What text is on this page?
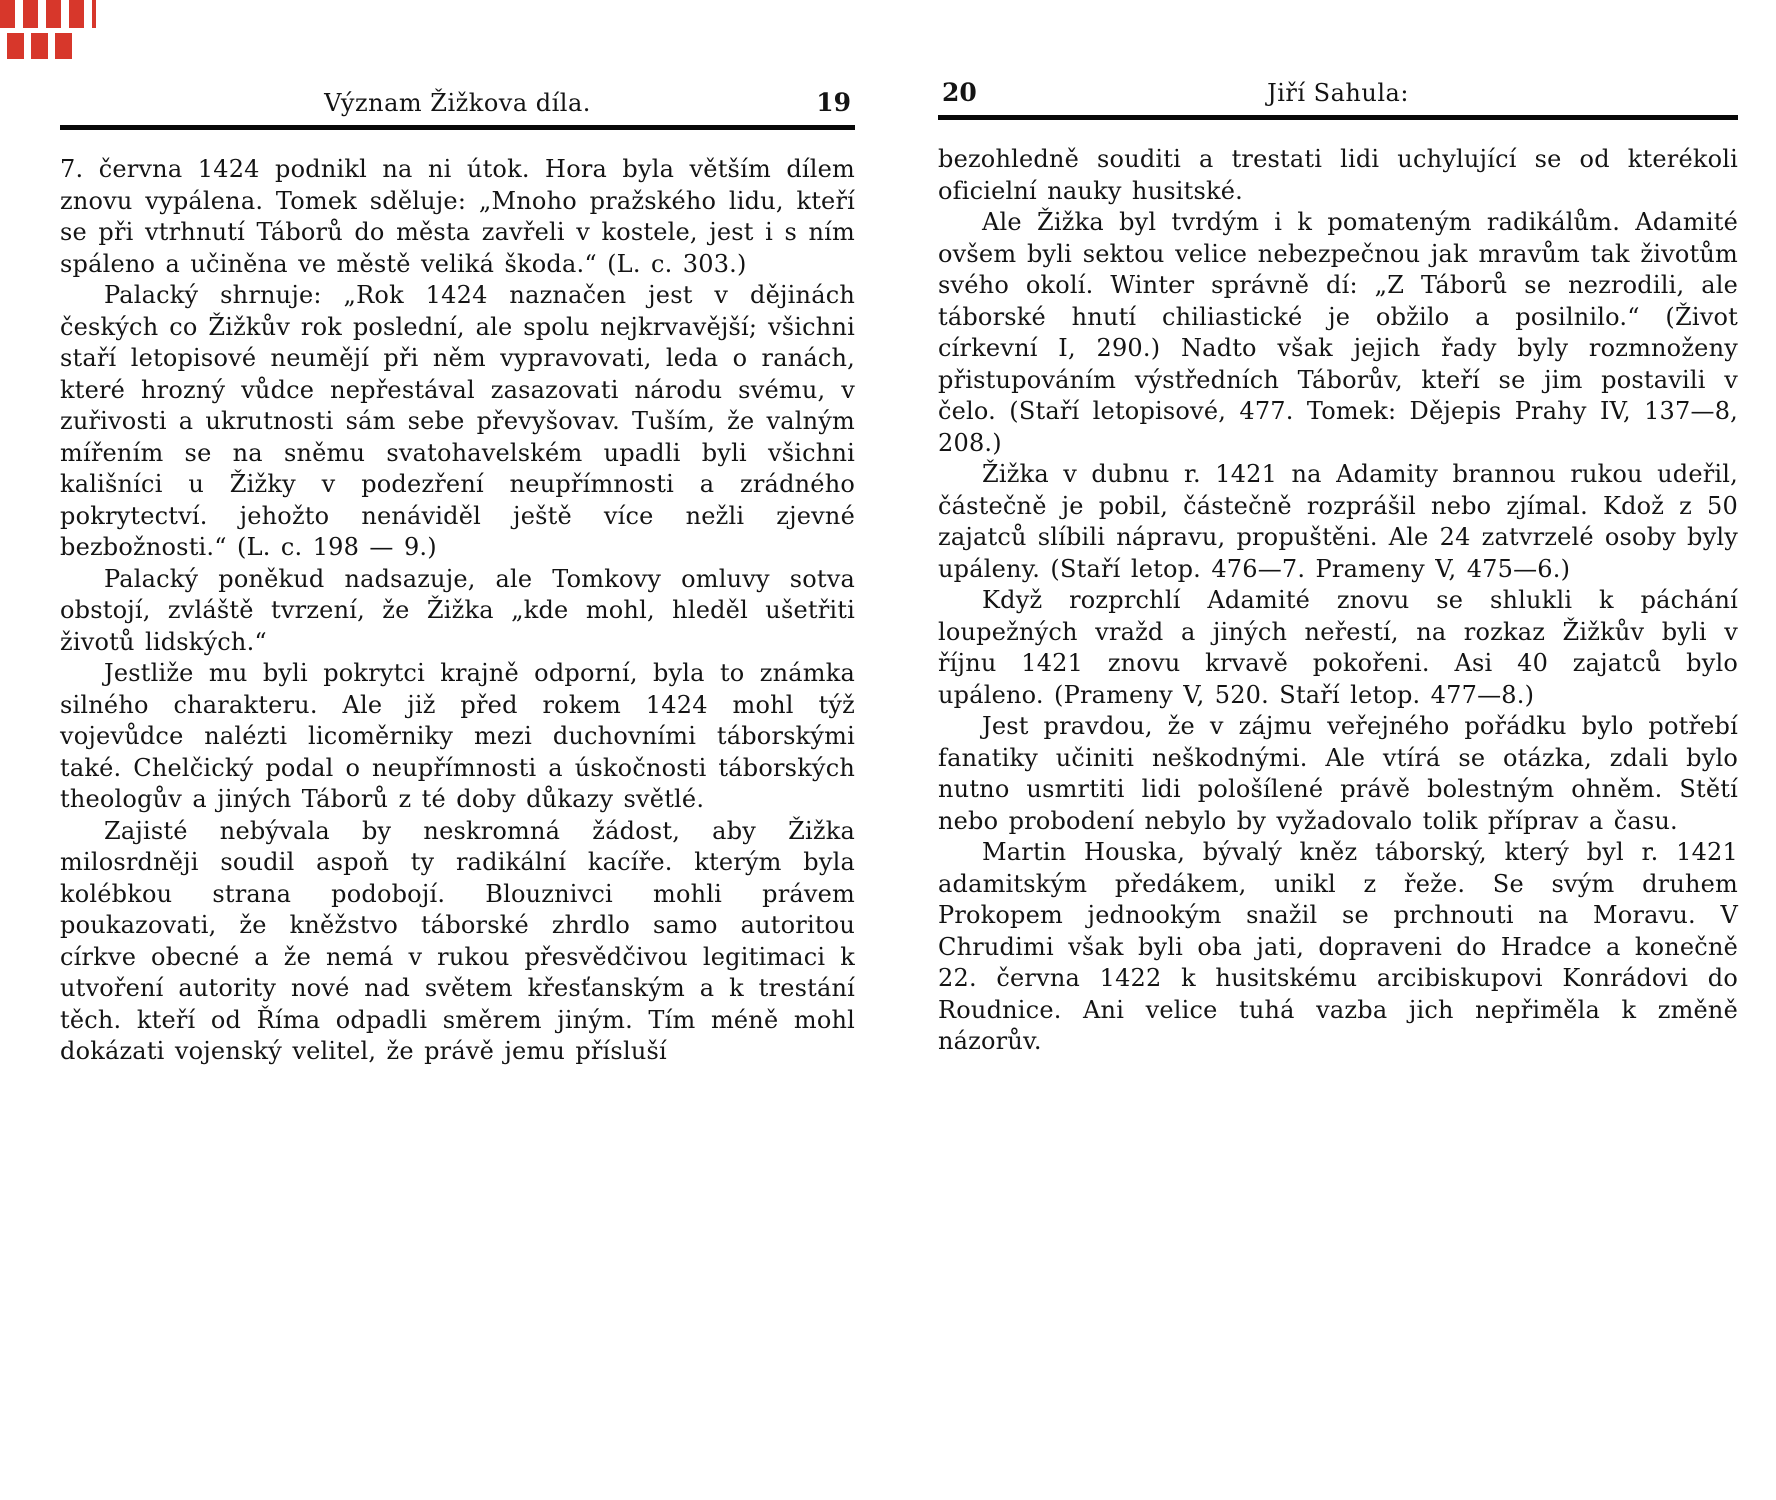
Význam Žižkova díla.	19

7. června 1424 podnikl na ni útok. Hora byla větším dílem znovu vypálena. Tomek sděluje: „Mnoho pražského lidu, kteří se při vtrhnutí Táborů do města zavřeli v kostele, jest i s ním spáleno a učiněna ve městě veliká škoda.“ (L. c. 303.)

Palacký shrnuje: „Rok 1424 naznačen jest v dějinách českých co Žižkův rok poslední, ale spolu nejkrvavější; všichni staří letopisové neumějí při něm vypravovati, leda o ranách, které hrozný vůdce nepřestával zasazovati národu svému, v zuřivosti a ukrutnosti sám sebe převyšovav. Tuším, že valným mířením se na sněmu svatohavelském upadli byli všichni kališníci u Žižky v podezření neupřímnosti a zrádného pokrytectví. jehožto nenáviděl ještě více nežli zjevné bezbožnosti.“ (L. c. 198 — 9.)

Palacký poněkud nadsazuje, ale Tomkovy omluvy sotva obstojí, zvláště tvrzení, že Žižka „kde mohl, hleděl ušetřiti životů lidských.“

Jestliže mu byli pokrytci krajně odporní, byla to známka silného charakteru. Ale již před rokem 1424 mohl týž vojevůdce nalézti licoměrniky mezi duchovními táborskými také. Chelčický podal o neupřímnosti a úskočnosti táborských theologův a jiných Táborů z té doby důkazy světlé.

Zajisté nebývala by neskromná žádost, aby Žižka milosrdněji soudil aspoň ty radikální kacíře. kterým byla kolébkou strana podobojí. Blouznivci mohli právem poukazovati, že kněžstvo táborské zhrdlo samo autoritou církve obecné a že nemá v rukou přesvědčivou legitimaci k utvoření autority nové nad světem křesťanským a k trestání těch. kteří od Říma odpadli směrem jiným. Tím méně mohl dokázati vojenský velitel, že právě jemu přísluší

20	Jiří Sahula:

bezohledně souditi a trestati lidi uchylující se od kterékoli oficielní nauky husitské.

Ale Žižka byl tvrdým i k pomateným radikálům. Adamité ovšem byli sektou velice nebezpečnou jak mravům tak životům svého okolí. Winter správně dí: „Z Táborů se nezrodili, ale táborské hnutí chiliastické je obžilo a posilnilo.“ (Život církevní I, 290.) Nadto však jejich řady byly rozmnoženy přistupováním výstředních Táborův, kteří se jim postavili v čelo. (Staří letopisové, 477. Tomek: Dějepis Prahy IV, 137—8, 208.)

Žižka v dubnu r. 1421 na Adamity brannou rukou udeřil, částečně je pobil, částečně rozprášil nebo zjímal. Kdož z 50 zajatců slíbili nápravu, propuštěni. Ale 24 zatvrzelé osoby byly upáleny. (Staří letop. 476—7. Prameny V, 475—6.)

Když rozprchlí Adamité znovu se shlukli k páchání loupežných vražd a jiných neřestí, na rozkaz Žižkův byli v říjnu 1421 znovu krvavě pokořeni. Asi 40 zajatců bylo upáleno. (Prameny V, 520. Staří letop. 477—8.)

Jest pravdou, že v zájmu veřejného pořádku bylo potřebí fanatiky učiniti neškodnými. Ale vtírá se otázka, zdali bylo nutno usmrtiti lidi pološílené právě bolestným ohněm. Stětí nebo probodení nebylo by vyžadovalo tolik příprav a času.

Martin Houska, bývalý kněz táborský, který byl r. 1421 adamitským předákem, unikl z řeže. Se svým druhem Prokopem jednookým snažil se prchnouti na Moravu. V Chrudimi však byli oba jati, dopraveni do Hradce a konečně 22. června 1422 k husitskému arcibiskupovi Konrádovi do Roudnice. Ani velice tuhá vazba jich nepřiměla k změně názorův.
